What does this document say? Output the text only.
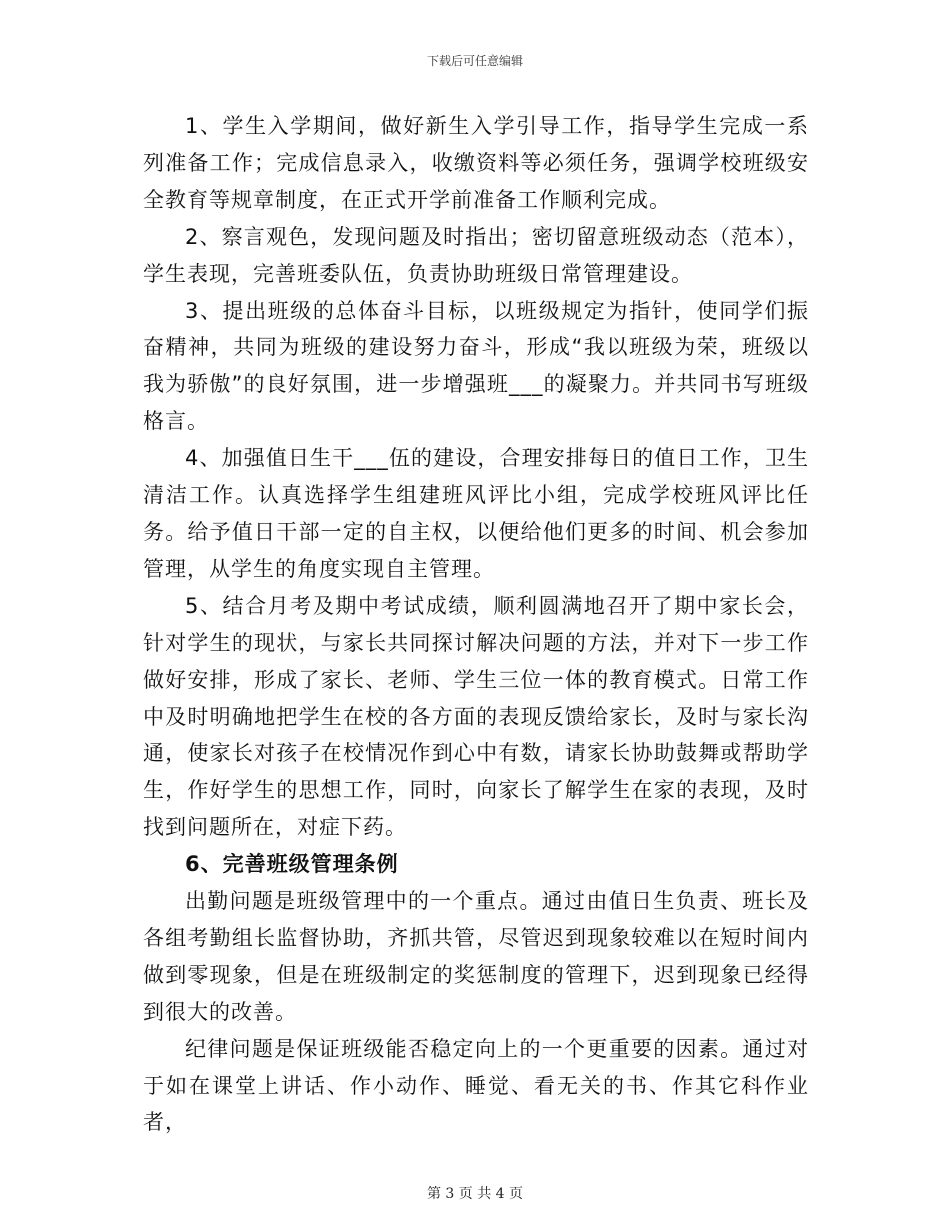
下载后可任意编辑

1、学生入学期间，做好新生入学引导工作，指导学生完成一系列准备工作；完成信息录入，收缴资料等必须任务，强调学校班级安全教育等规章制度，在正式开学前准备工作顺利完成。

2、察言观色，发现问题及时指出；密切留意班级动态（范本），学生表现，完善班委队伍，负责协助班级日常管理建设。

3、提出班级的总体奋斗目标，以班级规定为指针，使同学们振奋精神，共同为班级的建设努力奋斗，形成“我以班级为荣，班级以我为骄傲”的良好氛围，进一步增强班___的凝聚力。并共同书写班级格言。

4、加强值日生干___伍的建设，合理安排每日的值日工作，卫生清洁工作。认真选择学生组建班风评比小组，完成学校班风评比任务。给予值日干部一定的自主权，以便给他们更多的时间、机会参加管理，从学生的角度实现自主管理。

5、结合月考及期中考试成绩，顺利圆满地召开了期中家长会，针对学生的现状，与家长共同探讨解决问题的方法，并对下一步工作做好安排，形成了家长、老师、学生三位一体的教育模式。日常工作中及时明确地把学生在校的各方面的表现反馈给家长，及时与家长沟通，使家长对孩子在校情况作到心中有数，请家长协助鼓舞或帮助学生，作好学生的思想工作，同时，向家长了解学生在家的表现，及时找到问题所在，对症下药。

6、完善班级管理条例

出勤问题是班级管理中的一个重点。通过由值日生负责、班长及各组考勤组长监督协助，齐抓共管，尽管迟到现象较难以在短时间内做到零现象，但是在班级制定的奖惩制度的管理下，迟到现象已经得到很大的改善。

纪律问题是保证班级能否稳定向上的一个更重要的因素。通过对于如在课堂上讲话、作小动作、睡觉、看无关的书、作其它科作业者，

第 3 页 共 4 页
